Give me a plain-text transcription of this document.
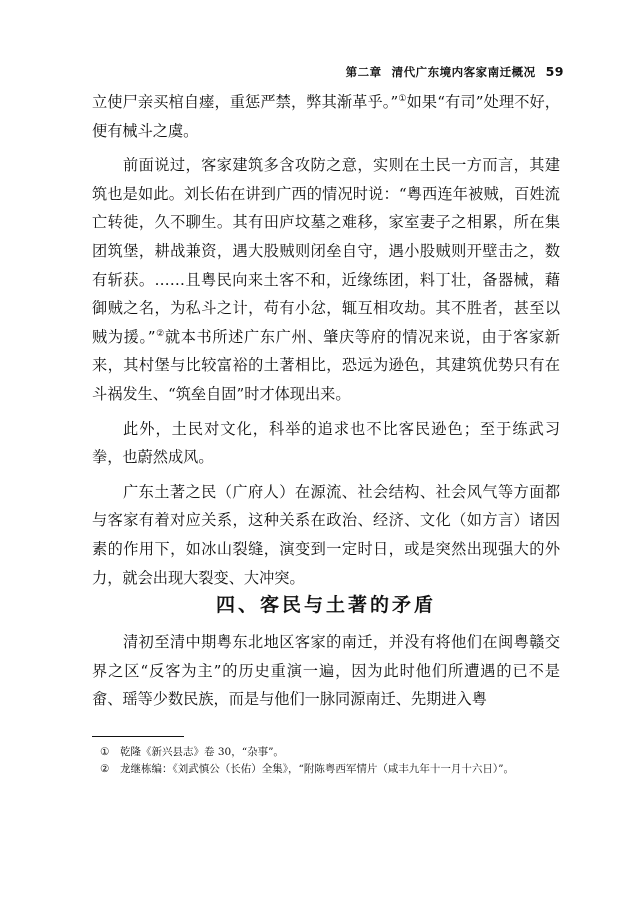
第二章 清代广东境内客家南迁概况 59

立使尸亲买棺自瘗，重惩严禁，弊其渐革乎。”①如果“有司”处理不好，便有械斗之虞。

前面说过，客家建筑多含攻防之意，实则在土民一方而言，其建筑也是如此。刘长佑在讲到广西的情况时说：“粤西连年被贼，百姓流亡转徙，久不聊生。其有田庐坟墓之难移，家室妻子之相累，所在集团筑堡，耕战兼资，遇大股贼则闭垒自守，遇小股贼则开壁击之，数有斩获。……且粤民向来土客不和，近缘练团，料丁壮，备器械，藉御贼之名，为私斗之计，苟有小忿，辄互相攻劫。其不胜者，甚至以贼为援。”②就本书所述广东广州、肇庆等府的情况来说，由于客家新来，其村堡与比较富裕的土著相比，恐远为逊色，其建筑优势只有在斗祸发生、“筑垒自固”时才体现出来。

此外，土民对文化，科举的追求也不比客民逊色；至于练武习拳，也蔚然成风。

广东土著之民（广府人）在源流、社会结构、社会风气等方面都与客家有着对应关系，这种关系在政治、经济、文化（如方言）诸因素的作用下，如冰山裂缝，演变到一定时日，或是突然出现强大的外力，就会出现大裂变、大冲突。

四、客民与土著的矛盾

清初至清中期粤东北地区客家的南迁，并没有将他们在闽粤赣交界之区“反客为主”的历史重演一遍，因为此时他们所遭遇的已不是畲、瑶等少数民族，而是与他们一脉同源南迁、先期进入粤

①	乾隆《新兴县志》卷 30，“杂事”。
②	龙继栋编：《刘武慎公（长佑）全集》，“附陈粤西军情片（咸丰九年十一月十六日）”。
